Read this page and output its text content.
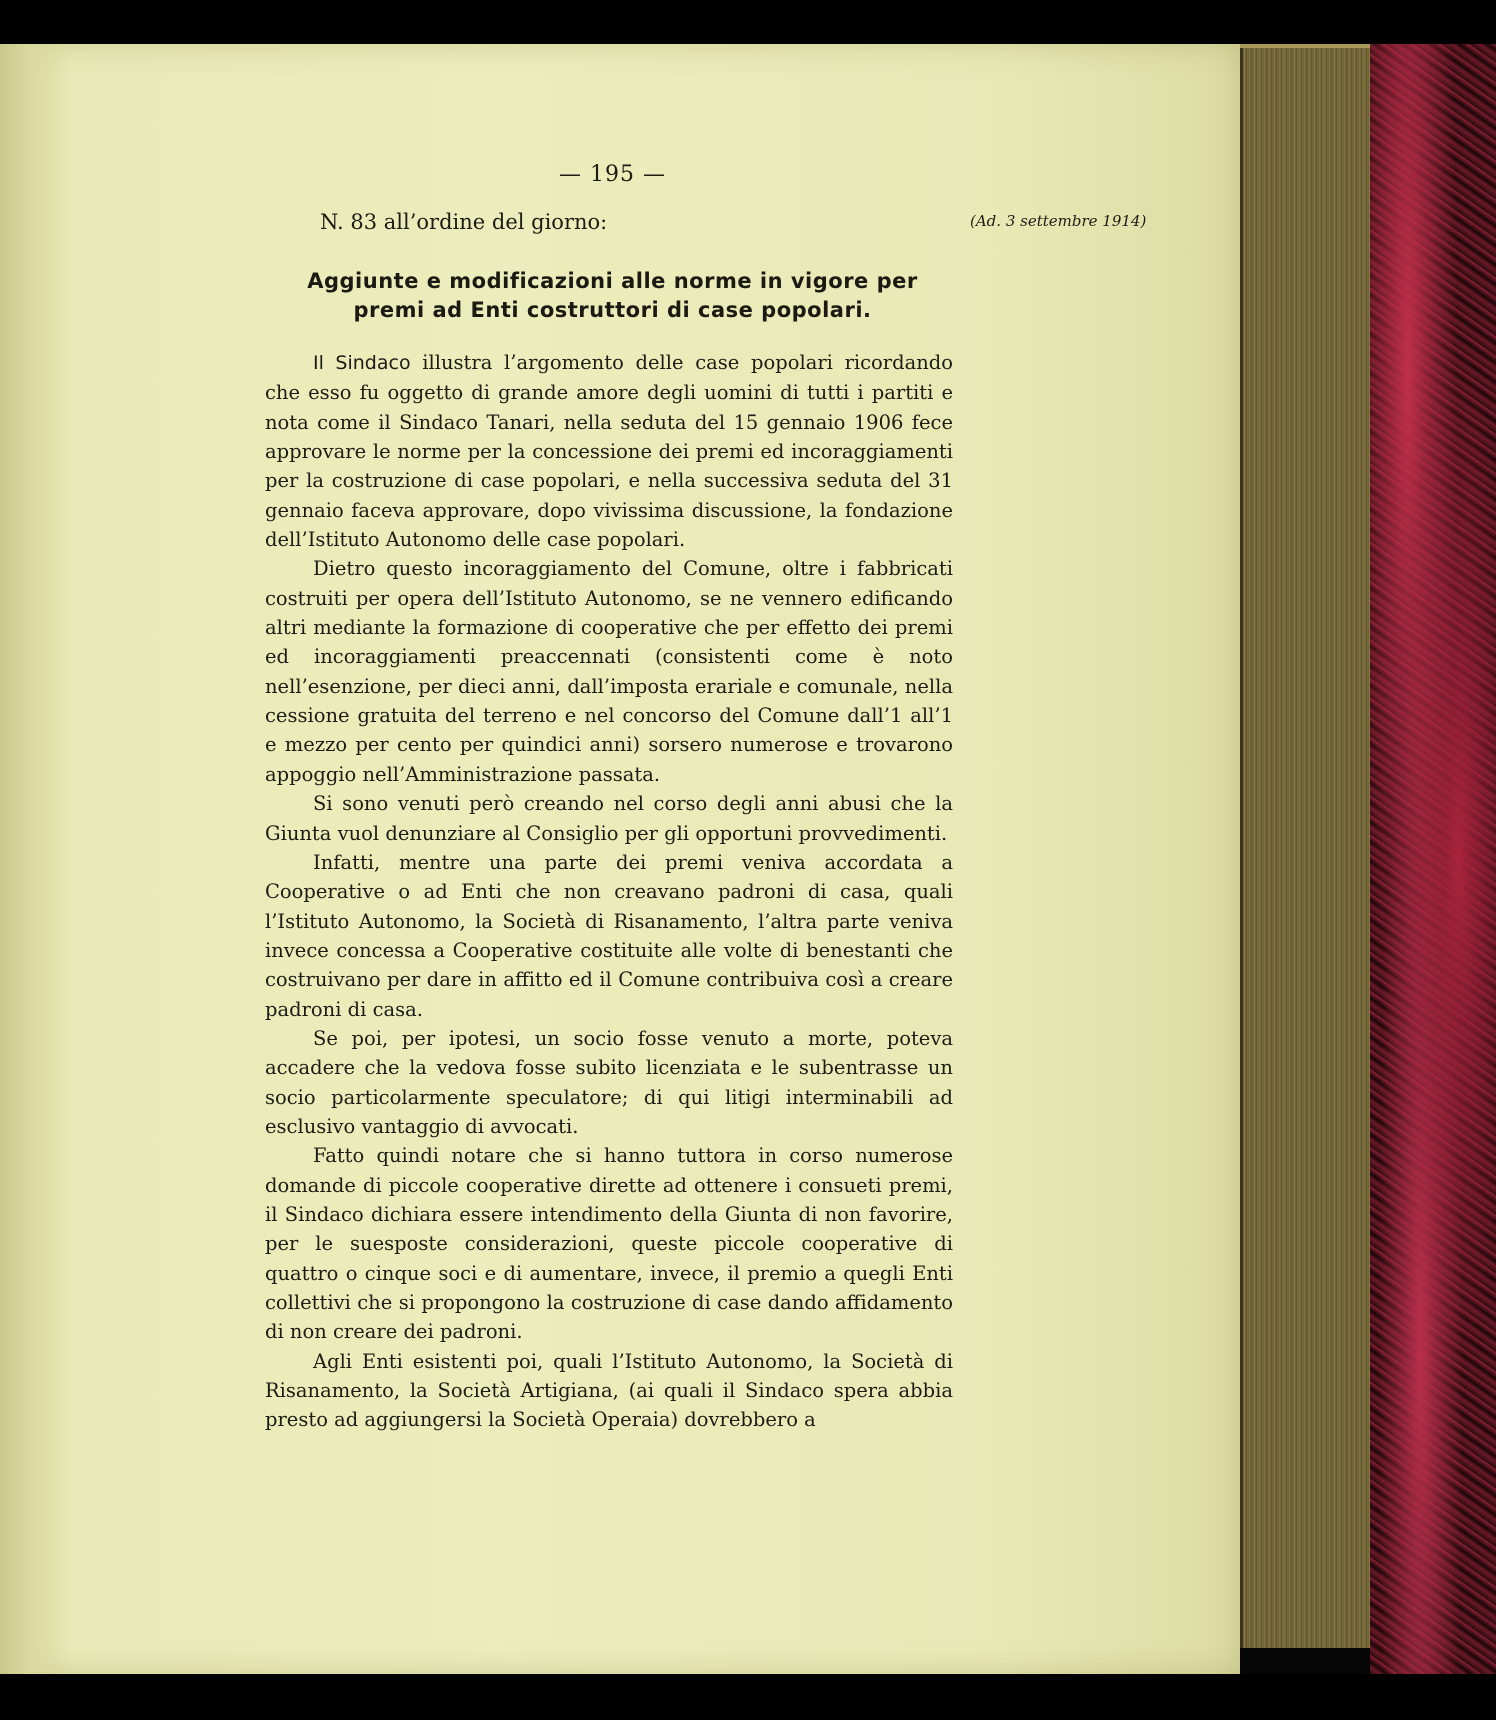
— 195 —
N. 83 all’ordine del giorno:	(Ad. 3 settembre 1914)
Aggiunte e modificazioni alle norme in vigore per
premi ad Enti costruttori di case popolari.

Il Sindaco illustra l’argomento delle case popolari ricordando che esso fu oggetto di grande amore degli uomini di tutti i partiti e nota come il Sindaco Tanari, nella seduta del 15 gennaio 1906 fece approvare le norme per la concessione dei premi ed incoraggiamenti per la costruzione di case popolari, e nella successiva seduta del 31 gennaio faceva approvare, dopo vivissima discussione, la fondazione dell’Istituto Autonomo delle case popolari.

Dietro questo incoraggiamento del Comune, oltre i fabbricati costruiti per opera dell’Istituto Autonomo, se ne vennero edificando altri mediante la formazione di cooperative che per effetto dei premi ed incoraggiamenti preaccennati (consistenti come è noto nell’esenzione, per dieci anni, dall’imposta erariale e comunale, nella cessione gratuita del terreno e nel concorso del Comune dall’1 all’1 e mezzo per cento per quindici anni) sorsero numerose e trovarono appoggio nell’Amministrazione passata.

Si sono venuti però creando nel corso degli anni abusi che la Giunta vuol denunziare al Consiglio per gli opportuni provvedimenti.

Infatti, mentre una parte dei premi veniva accordata a Cooperative o ad Enti che non creavano padroni di casa, quali l’Istituto Autonomo, la Società di Risanamento, l’altra parte veniva invece concessa a Cooperative costituite alle volte di benestanti che costruivano per dare in affitto ed il Comune contribuiva così a creare padroni di casa.

Se poi, per ipotesi, un socio fosse venuto a morte, poteva accadere che la vedova fosse subito licenziata e le subentrasse un socio particolarmente speculatore; di qui litigi interminabili ad esclusivo vantaggio di avvocati.

Fatto quindi notare che si hanno tuttora in corso numerose domande di piccole cooperative dirette ad ottenere i consueti premi, il Sindaco dichiara essere intendimento della Giunta di non favorire, per le suesposte considerazioni, queste piccole cooperative di quattro o cinque soci e di aumentare, invece, il premio a quegli Enti collettivi che si propongono la costruzione di case dando affidamento di non creare dei padroni.

Agli Enti esistenti poi, quali l’Istituto Autonomo, la Società di Risanamento, la Società Artigiana, (ai quali il Sindaco spera abbia presto ad aggiungersi la Società Operaia) dovrebbero a
